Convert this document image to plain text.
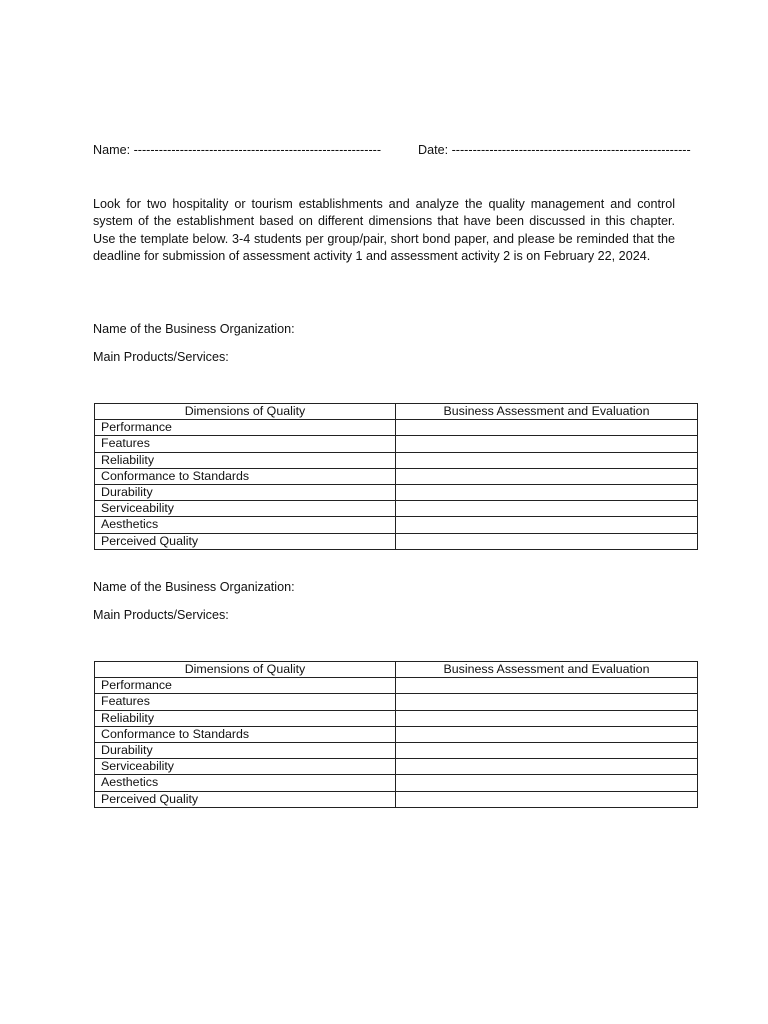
Name: -----------------------------------------------------------	Date: ---------------------------------------------------------
Look for two hospitality or tourism establishments and analyze the quality management and control system of the establishment based on different dimensions that have been discussed in this chapter. Use the template below. 3-4 students per group/pair, short bond paper, and please be reminded that the deadline for submission of assessment activity 1 and assessment activity 2 is on February 22, 2024.
Name of the Business Organization:
Main Products/Services:
Dimensions of Quality	Business Assessment and Evaluation
Performance	
Features	
Reliability	
Conformance to Standards	
Durability	
Serviceability	
Aesthetics	
Perceived Quality	
Name of the Business Organization:
Main Products/Services:
Dimensions of Quality	Business Assessment and Evaluation
Performance	
Features	
Reliability	
Conformance to Standards	
Durability	
Serviceability	
Aesthetics	
Perceived Quality	
